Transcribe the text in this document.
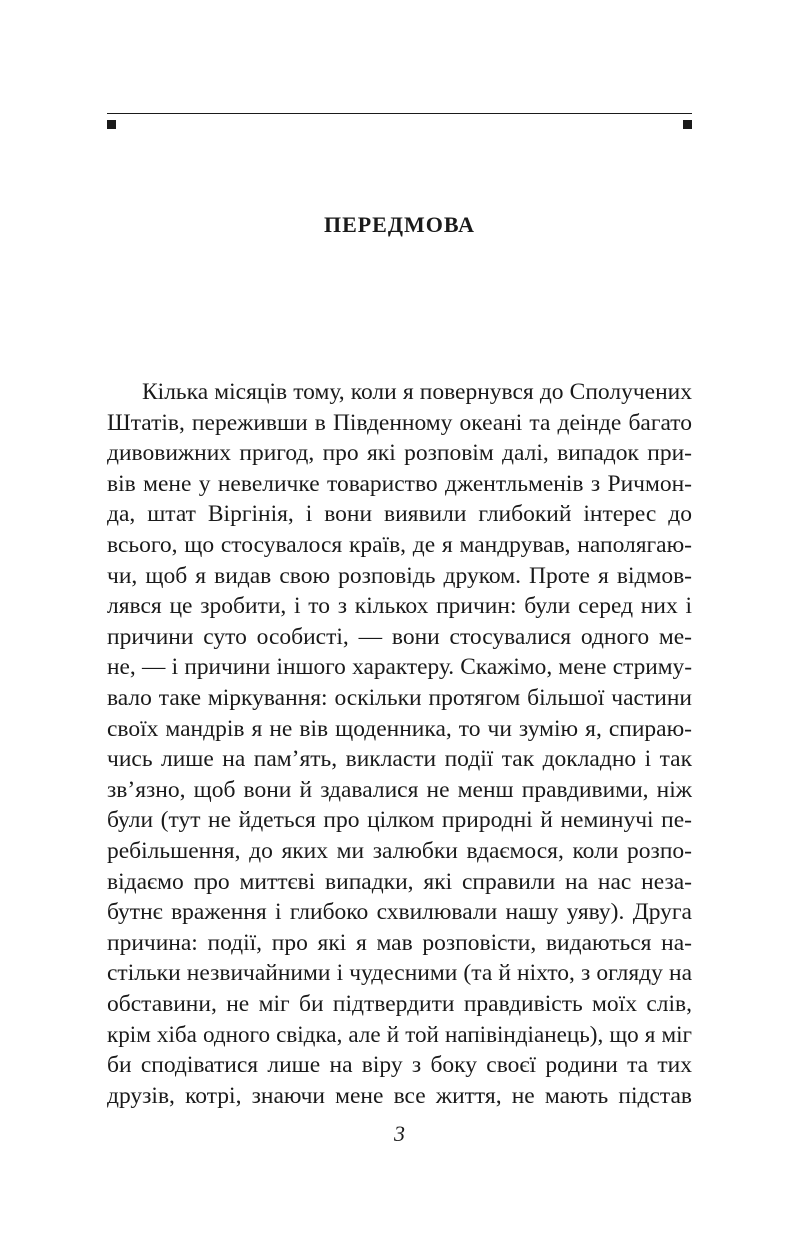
ПЕРЕДМОВА
Кілька місяців тому, коли я повернувся до Сполучених
Штатів, переживши в Південному океані та деінде багато
дивовижних пригод, про які розповім далі, випадок при-
вів мене у невеличке товариство джентльменів з Ричмон-
да, штат Віргінія, і вони виявили глибокий інтерес до
всього, що стосувалося країв, де я мандрував, наполягаю-
чи, щоб я видав свою розповідь друком. Проте я відмов-
лявся це зробити, і то з кількох причин: були серед них і
причини суто особисті, — вони стосувалися одного ме-
не, — і причини іншого характеру. Скажімо, мене стриму-
вало таке міркування: оскільки протягом більшої частини
своїх мандрів я не вів щоденника, то чи зумію я, спираю-
чись лише на пам’ять, викласти події так докладно і так
зв’язно, щоб вони й здавалися не менш правдивими, ніж
були (тут не йдеться про цілком природні й неминучі пе-
ребільшення, до яких ми залюбки вдаємося, коли розпо-
відаємо про миттєві випадки, які справили на нас неза-
бутнє враження і глибоко схвилювали нашу уяву). Друга
причина: події, про які я мав розповісти, видаються на-
стільки незвичайними і чудесними (та й ніхто, з огляду на
обставини, не міг би підтвердити правдивість моїх слів,
крім хіба одного свідка, але й той напівіндіанець), що я міг
би сподіватися лише на віру з боку своєї родини та тих
друзів, котрі, знаючи мене все життя, не мають підстав
3
